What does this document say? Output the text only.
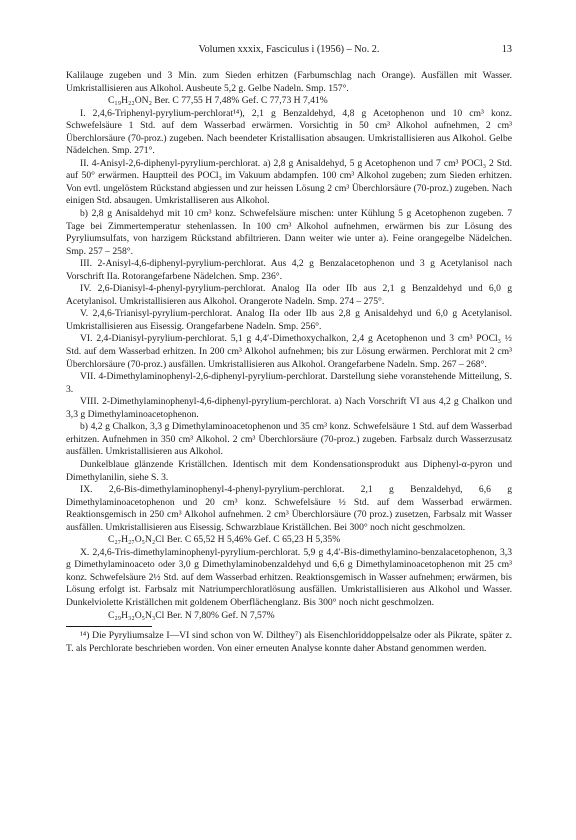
Volumen xxxix, Fasciculus i (1956) – No. 2.	13

Kalilauge zugeben und 3 Min. zum Sieden erhitzen (Farbumschlag nach Orange). Ausfällen mit Wasser. Umkristallisieren aus Alkohol. Ausbeute 5,2 g. Gelbe Nadeln. Smp. 157°.

C₁₉H₂₂ON₂ Ber. C 77,55 H 7,48% Gef. C 77,73 H 7,41%

I. 2,4,6-Triphenyl-pyrylium-perchlorat¹⁴), 2,1 g Benzaldehyd, 4,8 g Acetophenon und 10 cm³ konz. Schwefelsäure 1 Std. auf dem Wasserbad erwärmen. Vorsichtig in 50 cm³ Alkohol aufnehmen, 2 cm³ Überchlorsäure (70-proz.) zugeben. Nach beendeter Kristallisation absaugen. Umkristallisieren aus Alkohol. Gelbe Nädelchen. Smp. 271°.

II. 4-Anisyl-2,6-diphenyl-pyrylium-perchlorat. a) 2,8 g Anisaldehyd, 5 g Acetophenon und 7 cm³ POCl₃ 2 Std. auf 50° erwärmen. Hauptteil des POCl₃ im Vakuum abdampfen. 100 cm³ Alkohol zugeben; zum Sieden erhitzen. Von evtl. ungelöstem Rückstand abgiessen und zur heissen Lösung 2 cm³ Überchlorsäure (70-proz.) zugeben. Nach einigen Std. absaugen. Umkristalliseren aus Alkohol.

b) 2,8 g Anisaldehyd mit 10 cm³ konz. Schwefelsäure mischen: unter Kühlung 5 g Acetophenon zugeben. 7 Tage bei Zimmertemperatur stehenlassen. In 100 cm³ Alkohol aufnehmen, erwärmen bis zur Lösung des Pyryliumsulfats, von harzigem Rückstand abfiltrieren. Dann weiter wie unter a). Feine orangegelbe Nädelchen. Smp. 257 – 258°.

III. 2-Anisyl-4,6-diphenyl-pyrylium-perchlorat. Aus 4,2 g Benzalacetophenon und 3 g Acetylanisol nach Vorschrift IIa. Rotorangefarbene Nädelchen. Smp. 236°.

IV. 2,6-Dianisyl-4-phenyl-pyrylium-perchlorat. Analog IIa oder IIb aus 2,1 g Benzaldehyd und 6,0 g Acetylanisol. Umkristallisieren aus Alkohol. Orangerote Nadeln. Smp. 274 – 275°.

V. 2,4,6-Trianisyl-pyrylium-perchlorat. Analog IIa oder IIb aus 2,8 g Anisaldehyd und 6,0 g Acetylanisol. Umkristallisieren aus Eisessig. Orangefarbene Nadeln. Smp. 256°.

VI. 2,4-Dianisyl-pyrylium-perchlorat. 5,1 g 4,4′-Dimethoxychalkon, 2,4 g Acetophenon und 3 cm³ POCl₃ ½ Std. auf dem Wasserbad erhitzen. In 200 cm³ Alkohol aufnehmen; bis zur Lösung erwärmen. Perchlorat mit 2 cm³ Überchlorsäure (70-proz.) ausfällen. Umkristallisieren aus Alkohol. Orangefarbene Nadeln. Smp. 267 – 268°.

VII. 4-Dimethylaminophenyl-2,6-diphenyl-pyrylium-perchlorat. Darstellung siehe voranstehende Mitteilung, S. 3.

VIII. 2-Dimethylaminophenyl-4,6-diphenyl-pyrylium-perchlorat. a) Nach Vorschrift VI aus 4,2 g Chalkon und 3,3 g Dimethylaminoacetophenon.

b) 4,2 g Chalkon, 3,3 g Dimethylaminoacetophenon und 35 cm³ konz. Schwefelsäure 1 Std. auf dem Wasserbad erhitzen. Aufnehmen in 350 cm³ Alkohol. 2 cm³ Überchlorsäure (70-proz.) zugeben. Farbsalz durch Wasserzusatz ausfällen. Umkristallisieren aus Alkohol.

Dunkelblaue glänzende Kriställchen. Identisch mit dem Kondensationsprodukt aus Diphenyl-α-pyron und Dimethylanilin, siehe S. 3.

IX. 2,6-Bis-dimethylaminophenyl-4-phenyl-pyrylium-perchlorat. 2,1 g Benzaldehyd, 6,6 g Dimethylaminoacetophenon und 20 cm³ konz. Schwefelsäure ½ Std. auf dem Wasserbad erwärmen. Reaktionsgemisch in 250 cm³ Alkohol aufnehmen. 2 cm³ Überchlorsäure (70 proz.) zusetzen, Farbsalz mit Wasser ausfällen. Umkristallisieren aus Eisessig. Schwarzblaue Kriställchen. Bei 300° noch nicht geschmolzen.

C₂₇H₂₇O₅N₂Cl Ber. C 65,52 H 5,46% Gef. C 65,23 H 5,35%

X. 2,4,6-Tris-dimethylaminophenyl-pyrylium-perchlorat. 5,9 g 4,4′-Bis-dimethylamino-benzalacetophenon, 3,3 g Dimethylaminoaceto oder 3,0 g Dimethylaminobenzaldehyd und 6,6 g Dimethylaminoacetophenon mit 25 cm³ konz. Schwefelsäure 2½ Std. auf dem Wasserbad erhitzen. Reaktionsgemisch in Wasser aufnehmen; erwärmen, bis Lösung erfolgt ist. Farbsalz mit Natriumperchloratlösung ausfällen. Umkristallisieren aus Alkohol und Wasser. Dunkelviolette Kriställchen mit goldenem Oberflächenglanz. Bis 300° noch nicht geschmolzen.

C₂₉H₃₂O₅N₃Cl Ber. N 7,80% Gef. N 7,57%

¹⁴) Die Pyryliumsalze I—VI sind schon von W. Dilthey⁷) als Eisenchloriddoppelsalze oder als Pikrate, später z. T. als Perchlorate beschrieben worden. Von einer erneuten Analyse konnte daher Abstand genommen werden.
